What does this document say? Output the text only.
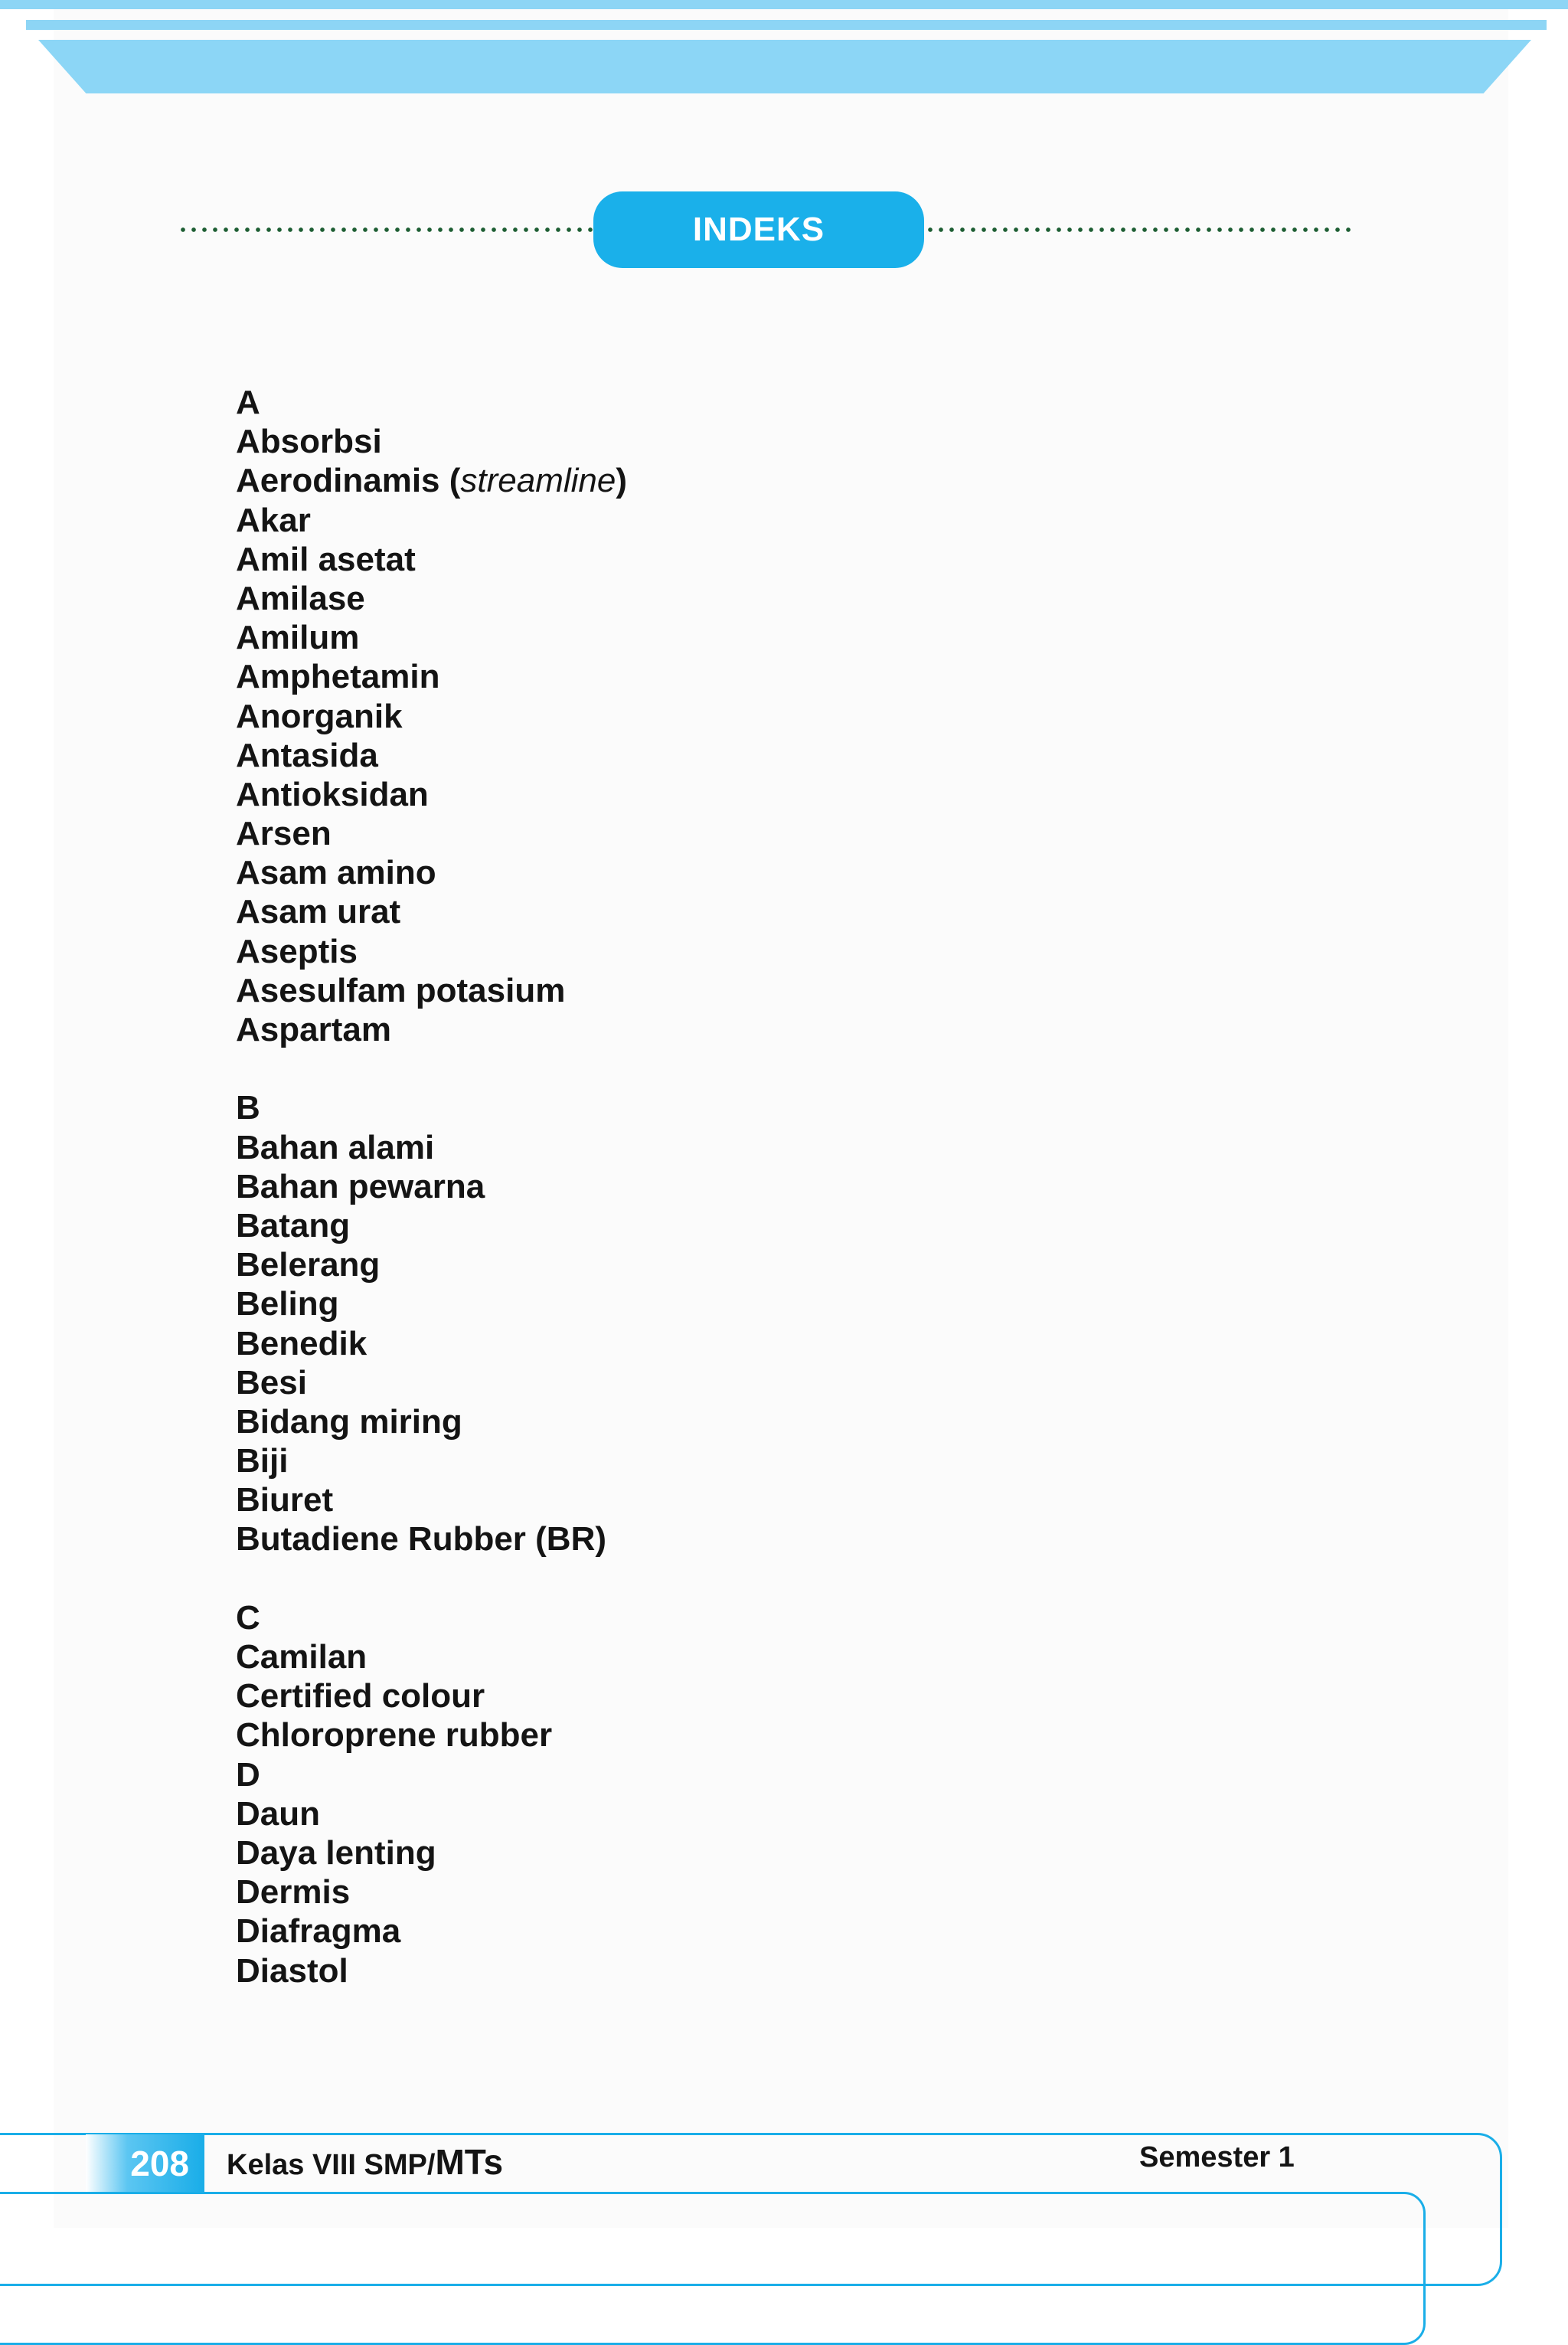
INDEKS
A
Absorbsi
Aerodinamis (streamline)
Akar
Amil asetat
Amilase
Amilum
Amphetamin
Anorganik
Antasida
Antioksidan
Arsen
Asam amino
Asam urat
Aseptis
Asesulfam potasium
Aspartam
B
Bahan alami
Bahan pewarna
Batang
Belerang
Beling
Benedik
Besi
Bidang miring
Biji
Biuret
Butadiene Rubber (BR)
C
Camilan
Certified colour
Chloroprene rubber
D
Daun
Daya lenting
Dermis
Diafragma
Diastol
208	Kelas VIII SMP/MTs	Semester 1
